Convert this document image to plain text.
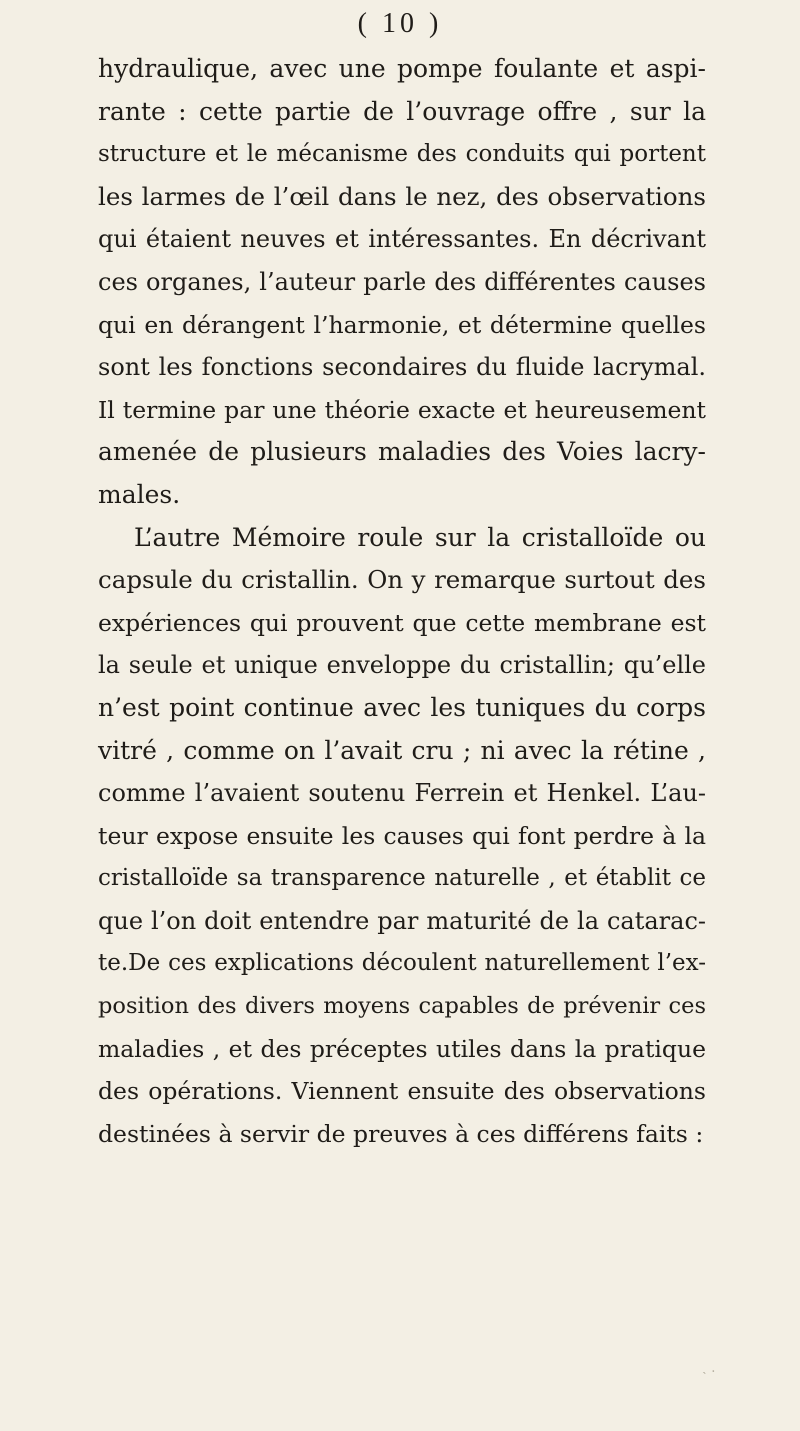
( 10 )
hydraulique, avec une pompe foulante et aspi-
rante : cette partie de l’ouvrage offre , sur la
structure et le mécanisme des conduits qui portent
les larmes de l’œil dans le nez, des observations
qui étaient neuves et intéressantes. En décrivant
ces organes, l’auteur parle des différentes causes
qui en dérangent l’harmonie, et détermine quelles
sont les fonctions secondaires du fluide lacrymal.
Il termine par une théorie exacte et heureusement
amenée de plusieurs maladies des Voies lacry-
males.
L’autre Mémoire roule sur la cristalloïde ou
capsule du cristallin. On y remarque surtout des
expériences qui prouvent que cette membrane est
la seule et unique enveloppe du cristallin; qu’elle
n’est point continue avec les tuniques du corps
vitré , comme on l’avait cru ; ni avec la rétine ,
comme l’avaient soutenu Ferrein et Henkel. L’au-
teur expose ensuite les causes qui font perdre à la
cristalloïde sa transparence naturelle , et établit ce
que l’on doit entendre par maturité de la catarac-
te.De ces explications découlent naturellement l’ex-
position des divers moyens capables de prévenir ces
maladies , et des préceptes utiles dans la pratique
des opérations. Viennent ensuite des observations
destinées à servir de preuves à ces différens faits :
˴ ·
